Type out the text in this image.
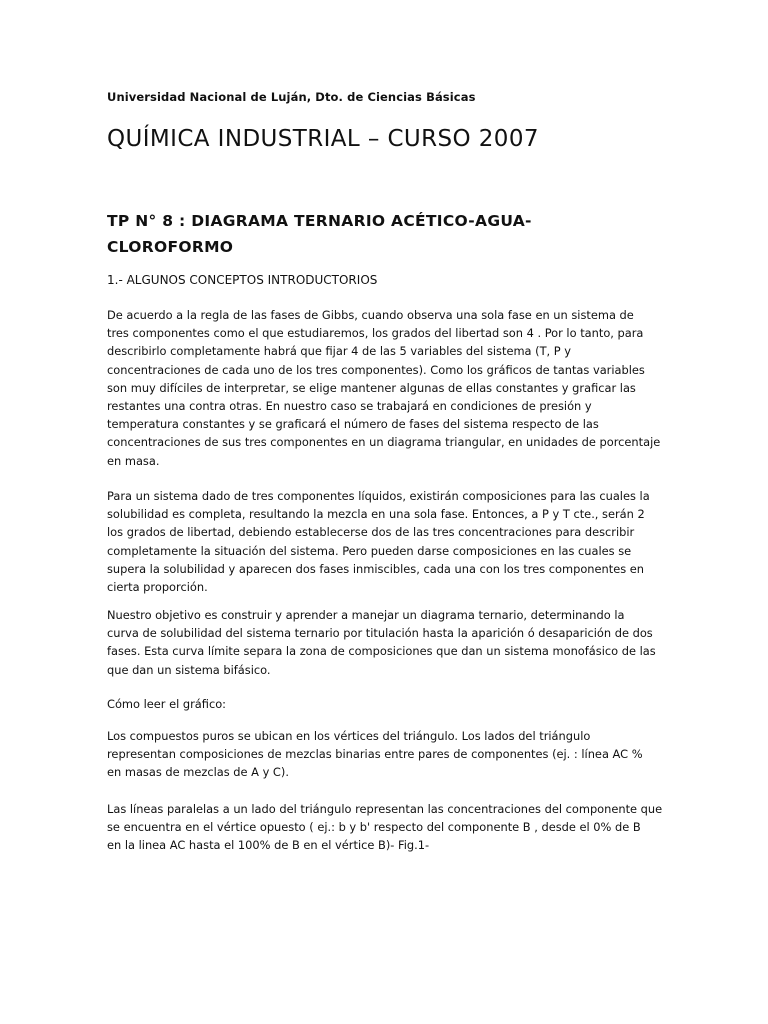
Universidad Nacional de Luján, Dto. de Ciencias Básicas
QUÍMICA INDUSTRIAL – CURSO 2007
TP N° 8 : DIAGRAMA TERNARIO ACÉTICO-AGUA-
CLOROFORMO
1.- ALGUNOS CONCEPTOS INTRODUCTORIOS
De acuerdo a la regla de las fases de Gibbs, cuando observa una sola fase en un sistema de
tres componentes como el que estudiaremos, los grados del libertad son 4 . Por lo tanto, para
describirlo completamente habrá que fijar 4 de las 5 variables del sistema (T, P y
concentraciones de cada uno de los tres componentes). Como los gráficos de tantas variables
son muy difíciles de interpretar, se elige mantener algunas de ellas constantes y graficar las
restantes una contra otras. En nuestro caso se trabajará en condiciones de presión y
temperatura constantes y se graficará el número de fases del sistema respecto de las
concentraciones de sus tres componentes en un diagrama triangular, en unidades de porcentaje
en masa.
Para un sistema dado de tres componentes líquidos, existirán composiciones para las cuales la
solubilidad es completa, resultando la mezcla en una sola fase. Entonces, a P y T cte., serán 2
los grados de libertad, debiendo establecerse dos de las tres concentraciones para describir
completamente la situación del sistema. Pero pueden darse composiciones en las cuales se
supera la solubilidad y aparecen dos fases inmiscibles, cada una con los tres componentes en
cierta proporción.
Nuestro objetivo es construir y aprender a manejar un diagrama ternario, determinando la
curva de solubilidad del sistema ternario por titulación hasta la aparición ó desaparición de dos
fases. Esta curva límite separa la zona de composiciones que dan un sistema monofásico de las
que dan un sistema bifásico.
Cómo leer el gráfico:
Los compuestos puros se ubican en los vértices del triángulo. Los lados del triángulo
representan composiciones de mezclas binarias entre pares de componentes (ej. : línea AC %
en masas de mezclas de A y C).
Las líneas paralelas a un lado del triángulo representan las concentraciones del componente que
se encuentra en el vértice opuesto ( ej.: b y b' respecto del componente B , desde el 0% de B
en la linea AC hasta el 100% de B en el vértice B)- Fig.1-
